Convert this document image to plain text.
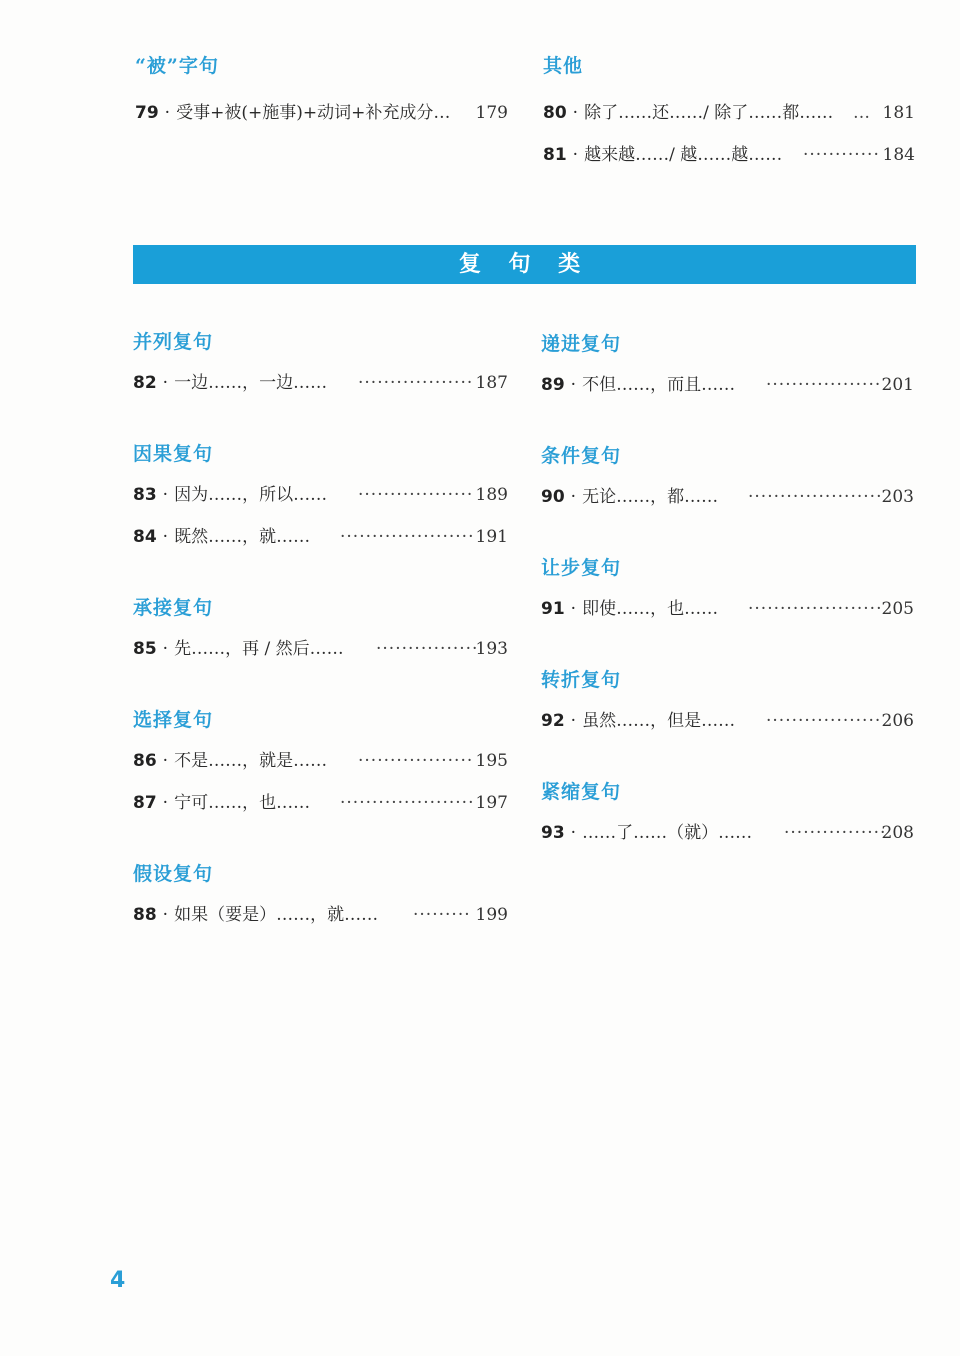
“被”字句
79 · 受事+被(+施事)+动词+补充成分… 179
其他
80 · 除了……还……/ 除了……都…… … 181
81 · 越来越……/ 越……越…… ············ 184
复 句 类
并列复句
82 · 一边……，一边…… ·················· 187
因果复句
83 · 因为……，所以…… ·················· 189
84 · 既然……，就…… ····················· 191
承接复句
85 · 先……，再 / 然后…… ················
193
选择复句
86 · 不是……，就是…… ·················· 195
87 · 宁可……，也…… ····················· 197
假设复句
88 · 如果（要是）……，就…… ········· 199
递进复句
89 · 不但……，而且…… ·················· 201
条件复句
90 · 无论……，都…… ····················· 203
让步复句
91 · 即使……，也…… ····················· 205
转折复句
92 · 虽然……，但是…… ·················· 206
紧缩复句
93 · ……了……（就）…… ················
208
4
